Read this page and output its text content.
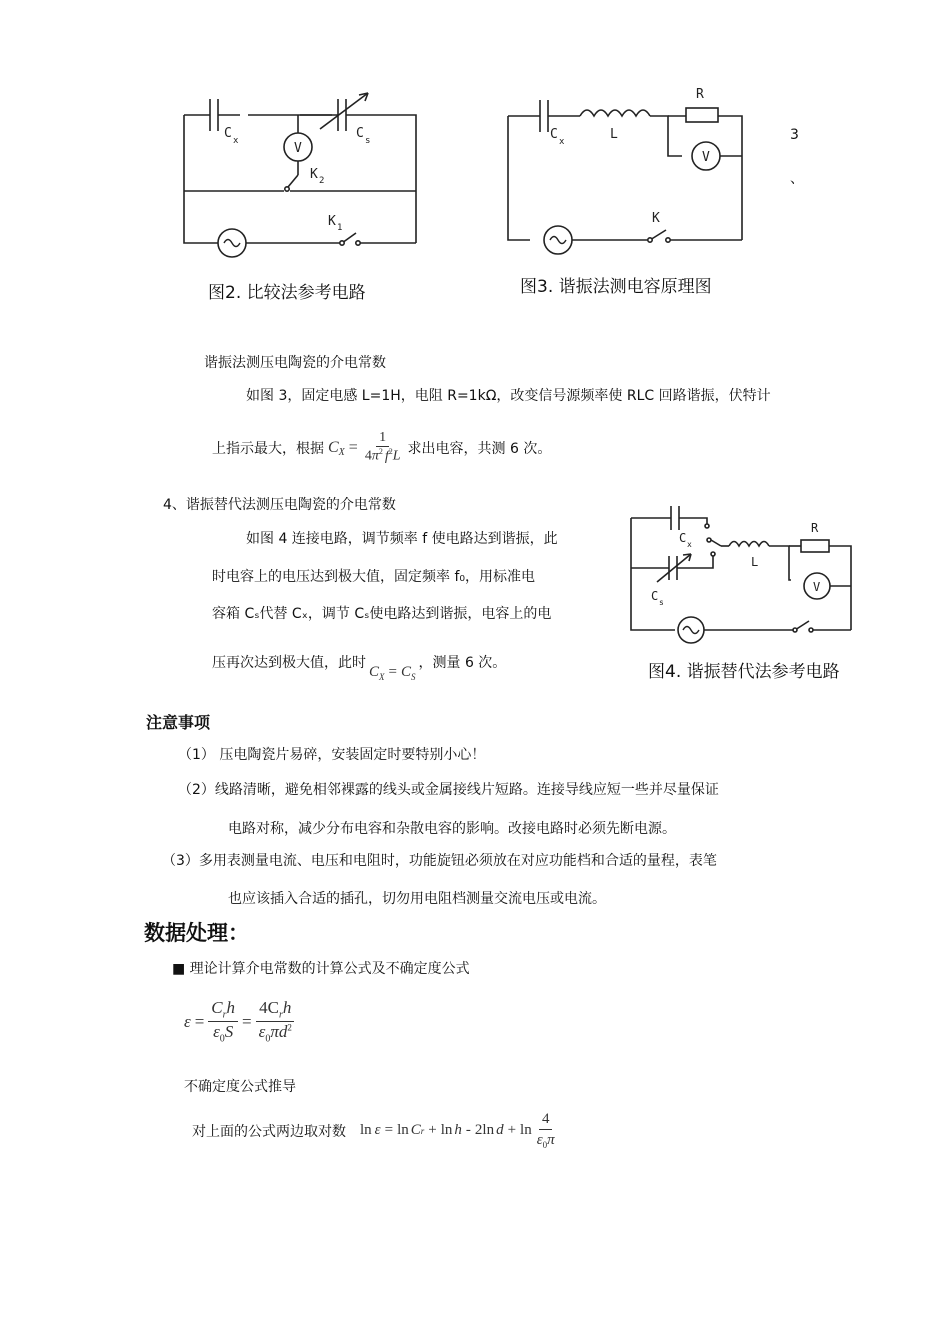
C x	C s
V
K 2
K 1
图2. 比较法参考电路
C x	L
R
V
K
图3. 谐振法测电容原理图
3
、
谐振法测压电陶瓷的介电常数
如图 3，固定电感 L=1H，电阻 R=1kΩ，改变信号源频率使 RLC 回路谐振，伏特计
上指示最大，根据 C $X = \frac{1}{4\pi^2 f^2L}$ 求出电容，共测 6 次。
4、谐振替代法测压电陶瓷的介电常数
如图 4 连接电路，调节频率 f 使电路达到谐振，此
时电容上的电压达到极大值，固定频率 f₀，用标准电
容箱 Cₛ代替 Cₓ，调节 Cₛ使电路达到谐振，电容上的电
压再次达到极大值，此时
C X = C S
，测量 6 次。
C x
C s
L
R
V
图4. 谐振替代法参考电路
注意事项
（1） 压电陶瓷片易碎，安装固定时要特别小心！
（2）线路清晰，避免相邻裸露的线头或金属接线片短路。连接导线应短一些并尽量保证
电路对称，减少分布电容和杂散电容的影响。改接电路时必须先断电源。
（3）多用表测量电流、电压和电阻时，功能旋钮必须放在对应功能档和合适的量程，表笔
也应该插入合适的插孔，切勿用电阻档测量交流电压或电流。
数据处理：
■ 理论计算介电常数的计算公式及不确定度公式
$\varepsilon = \frac{C_rh}{\varepsilon_0S} = \frac{4C_rh}{\varepsilon_0\pi d^2}$
不确定度公式推导
对上面的公式两边取对数 ln ε = ln C r + ln h - 2ln $d + \ln \frac{4}{\varepsilon_0\pi}$
